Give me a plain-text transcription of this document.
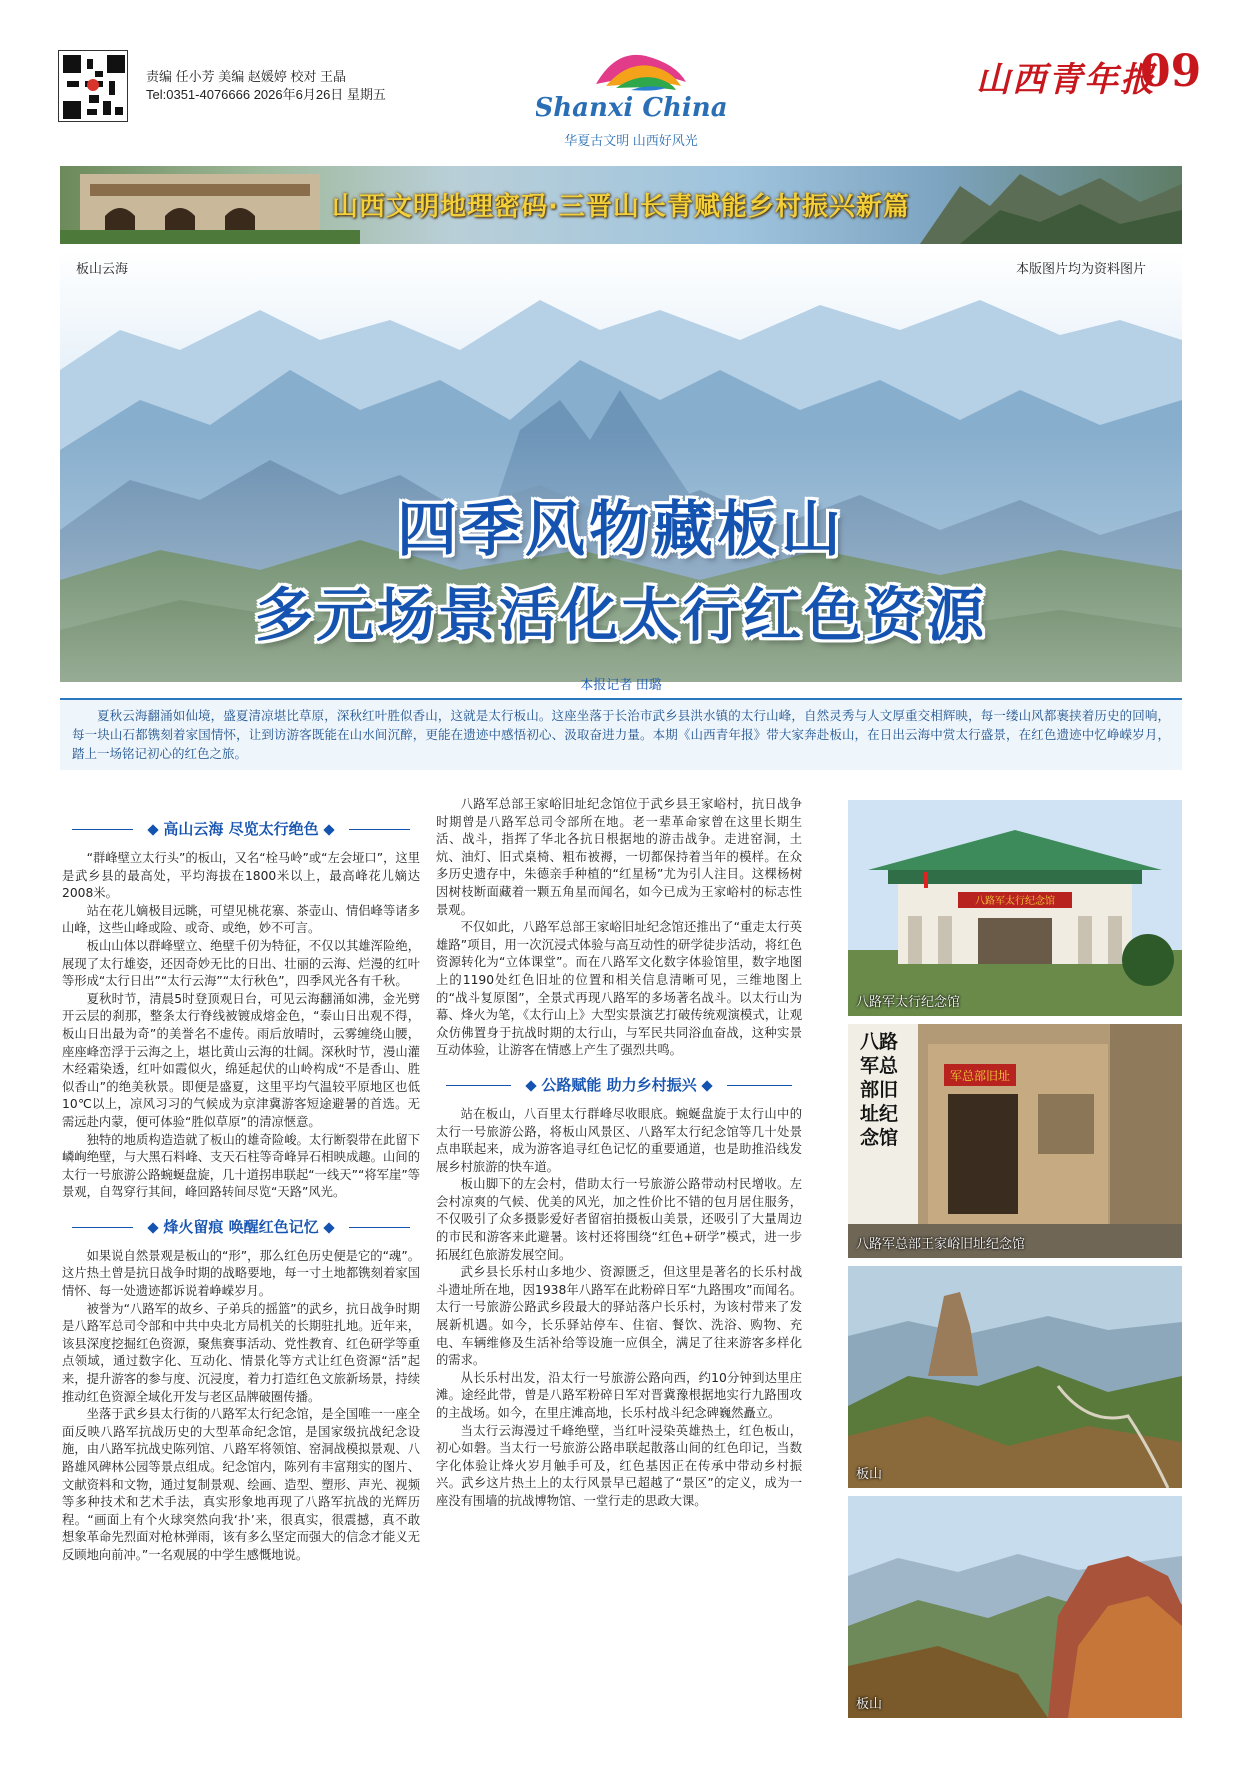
责编 任小芳 美编 赵媛婷 校对 王晶
Tel:0351-4076666 2026年6月26日 星期五	Shanxi China
华夏古文明 山西好风光
山西青年报
09
山西文明地理密码·三晋山长青赋能乡村振兴新篇
板山云海	本版图片均为资料图片
四季风物藏板山
多元场景活化太行红色资源
本报记者 田璐

夏秋云海翻涌如仙境，盛夏清凉堪比草原，深秋红叶胜似香山，这就是太行板山。这座坐落于长治市武乡县洪水镇的太行山峰，自然灵秀与人文厚重交相辉映，每一缕山风都裹挟着历史的回响，每一块山石都镌刻着家国情怀，让到访游客既能在山水间沉醉，更能在遗迹中感悟初心、汲取奋进力量。本期《山西青年报》带大家奔赴板山，在日出云海中赏太行盛景，在红色遗迹中忆峥嵘岁月，踏上一场铭记初心的红色之旅。

高山云海 尽览太行绝色

“群峰壁立太行头”的板山，又名“栓马岭”或“左会垭口”，这里是武乡县的最高处，平均海拔在1800米以上，最高峰花儿嫡达2008米。

站在花儿嫡极目远眺，可望见桃花寨、茶壶山、情侣峰等诸多山峰，这些山峰或险、或奇、或绝，妙不可言。

板山山体以群峰壁立、绝壁千仞为特征，不仅以其雄浑险绝，展现了太行雄姿，还因奇妙无比的日出、壮丽的云海、烂漫的红叶等形成“太行日出”“太行云海”“太行秋色”，四季风光各有千秋。

夏秋时节，清晨5时登顶观日台，可见云海翻涌如沸，金光劈开云层的刹那，整条太行脊线被镀成熔金色，“泰山日出观不得，板山日出最为奇”的美誉名不虚传。雨后放晴时，云雾缠绕山腰，座座峰峦浮于云海之上，堪比黄山云海的壮阔。深秋时节，漫山灌木经霜染透，红叶如霞似火，绵延起伏的山岭构成“不是香山、胜似香山”的绝美秋景。即便是盛夏，这里平均气温较平原地区也低10℃以上，凉风习习的气候成为京津冀游客短途避暑的首选。无需远赴内蒙，便可体验“胜似草原”的清凉惬意。

独特的地质构造造就了板山的雄奇险峻。太行断裂带在此留下嶙峋绝壁，与大黑石料峰、支天石柱等奇峰异石相映成趣。山间的太行一号旅游公路蜿蜒盘旋，几十道拐串联起“一线天”“将军崖”等景观，自驾穿行其间，峰回路转间尽览“天路”风光。

烽火留痕 唤醒红色记忆

如果说自然景观是板山的“形”，那么红色历史便是它的“魂”。这片热土曾是抗日战争时期的战略要地，每一寸土地都镌刻着家国情怀、每一处遗迹都诉说着峥嵘岁月。

被誉为“八路军的故乡、子弟兵的摇篮”的武乡，抗日战争时期是八路军总司令部和中共中央北方局机关的长期驻扎地。近年来，该县深度挖掘红色资源，聚焦赛事活动、党性教育、红色研学等重点领域，通过数字化、互动化、情景化等方式让红色资源“活”起来，提升游客的参与度、沉浸度，着力打造红色文旅新场景，持续推动红色资源全域化开发与老区品牌破圈传播。

坐落于武乡县太行街的八路军太行纪念馆，是全国唯一一座全面反映八路军抗战历史的大型革命纪念馆，是国家级抗战纪念设施，由八路军抗战史陈列馆、八路军将领馆、窑洞战模拟景观、八路雄风碑林公园等景点组成。纪念馆内，陈列有丰富翔实的图片、文献资料和文物，通过复制景观、绘画、造型、塑形、声光、视频等多种技术和艺术手法，真实形象地再现了八路军抗战的光辉历程。“画面上有个火球突然向我‘扑’来，很真实，很震撼，真不敢想象革命先烈面对枪林弹雨，该有多么坚定而强大的信念才能义无反顾地向前冲。”一名观展的中学生感慨地说。

八路军总部王家峪旧址纪念馆位于武乡县王家峪村，抗日战争时期曾是八路军总司令部所在地。老一辈革命家曾在这里长期生活、战斗，指挥了华北各抗日根据地的游击战争。走进窑洞，土炕、油灯、旧式桌椅、粗布被褥，一切都保持着当年的模样。在众多历史遗存中，朱德亲手种植的“红星杨”尤为引人注目。这棵杨树因树枝断面藏着一颗五角星而闻名，如今已成为王家峪村的标志性景观。

不仅如此，八路军总部王家峪旧址纪念馆还推出了“重走太行英雄路”项目，用一次沉浸式体验与高互动性的研学徒步活动，将红色资源转化为“立体课堂”。而在八路军文化数字体验馆里，数字地图上的1190处红色旧址的位置和相关信息清晰可见，三维地图上的“战斗复原图”，全景式再现八路军的多场著名战斗。以太行山为幕、烽火为笔，《太行山上》大型实景演艺打破传统观演模式，让观众仿佛置身于抗战时期的太行山，与军民共同浴血奋战，这种实景互动体验，让游客在情感上产生了强烈共鸣。

公路赋能 助力乡村振兴

站在板山，八百里太行群峰尽收眼底。蜿蜒盘旋于太行山中的太行一号旅游公路，将板山风景区、八路军太行纪念馆等几十处景点串联起来，成为游客追寻红色记忆的重要通道，也是助推沿线发展乡村旅游的快车道。

板山脚下的左会村，借助太行一号旅游公路带动村民增收。左会村凉爽的气候、优美的风光，加之性价比不错的包月居住服务，不仅吸引了众多摄影爱好者留宿拍摄板山美景，还吸引了大量周边的市民和游客来此避暑。该村还将围绕“红色+研学”模式，进一步拓展红色旅游发展空间。

武乡县长乐村山多地少、资源匮乏，但这里是著名的长乐村战斗遗址所在地，因1938年八路军在此粉碎日军“九路围攻”而闻名。太行一号旅游公路武乡段最大的驿站落户长乐村，为该村带来了发展新机遇。如今，长乐驿站停车、住宿、餐饮、洗浴、购物、充电、车辆维修及生活补给等设施一应俱全，满足了往来游客多样化的需求。

从长乐村出发，沿太行一号旅游公路向西，约10分钟到达里庄滩。途经此带，曾是八路军粉碎日军对晋冀豫根据地实行九路围攻的主战场。如今，在里庄滩高地，长乐村战斗纪念碑巍然矗立。

当太行云海漫过千峰绝壁，当红叶浸染英雄热土，红色板山，初心如磐。当太行一号旅游公路串联起散落山间的红色印记，当数字化体验让烽火岁月触手可及，红色基因正在传承中带动乡村振兴。武乡这片热土上的太行风景早已超越了“景区”的定义，成为一座没有围墙的抗战博物馆、一堂行走的思政大课。

八路军太行纪念馆
八路军太行纪念馆
军总部旧址
八路军总部旧址纪念馆
八路军总部王家峪旧址纪念馆
板山
板山
